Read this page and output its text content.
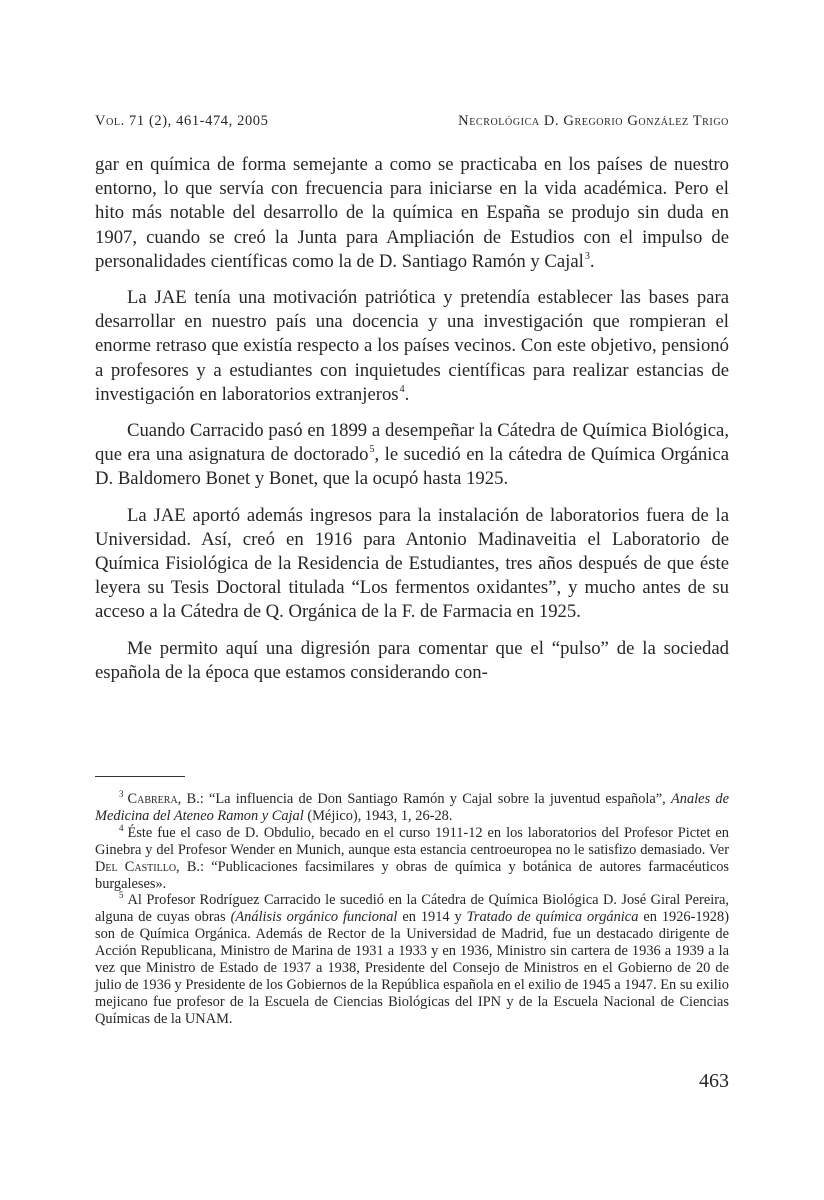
Vol. 71 (2), 461-474, 2005	Necrológica D. Gregorio González Trigo

gar en química de forma semejante a como se practicaba en los países de nuestro entorno, lo que servía con frecuencia para iniciarse en la vida académica. Pero el hito más notable del desarrollo de la química en España se produjo sin duda en 1907, cuando se creó la Junta para Ampliación de Estudios con el impulso de personalidades científicas como la de D. Santiago Ramón y Cajal$^3$.

La JAE tenía una motivación patriótica y pretendía establecer las bases para desarrollar en nuestro país una docencia y una investigación que rompieran el enorme retraso que existía respecto a los países vecinos. Con este objetivo, pensionó a profesores y a estudiantes con inquietudes científicas para realizar estancias de investigación en laboratorios extranjeros$^4$.

Cuando Carracido pasó en 1899 a desempeñar la Cátedra de Química Biológica, que era una asignatura de doctorado$^5$, le sucedió en la cátedra de Química Orgánica D. Baldomero Bonet y Bonet, que la ocupó hasta 1925.

La JAE aportó además ingresos para la instalación de laboratorios fuera de la Universidad. Así, creó en 1916 para Antonio Madinaveitia el Laboratorio de Química Fisiológica de la Residencia de Estudiantes, tres años después de que éste leyera su Tesis Doctoral titulada “Los fermentos oxidantes”, y mucho antes de su acceso a la Cátedra de Q. Orgánica de la F. de Farmacia en 1925.

Me permito aquí una digresión para comentar que el “pulso” de la sociedad española de la época que estamos considerando con-

$^3$ Cabrera, B.: “La influencia de Don Santiago Ramón y Cajal sobre la juventud española”, Anales de Medicina del Ateneo Ramon y Cajal (Méjico), 1943, 1, 26-28.

$^4$ Éste fue el caso de D. Obdulio, becado en el curso 1911-12 en los laboratorios del Profesor Pictet en Ginebra y del Profesor Wender en Munich, aunque esta estancia centroeuropea no le satisfizo demasiado. Ver Del Castillo, B.: “Publicaciones facsimilares y obras de química y botánica de autores farmacéuticos burgaleses».

$^5$ Al Profesor Rodríguez Carracido le sucedió en la Cátedra de Química Biológica D. José Giral Pereira, alguna de cuyas obras (Análisis orgánico funcional en 1914 y Tratado de química orgánica en 1926-1928) son de Química Orgánica. Además de Rector de la Universidad de Madrid, fue un destacado dirigente de Acción Republicana, Ministro de Marina de 1931 a 1933 y en 1936, Ministro sin cartera de 1936 a 1939 a la vez que Ministro de Estado de 1937 a 1938, Presidente del Consejo de Ministros en el Gobierno de 20 de julio de 1936 y Presidente de los Gobiernos de la República española en el exilio de 1945 a 1947. En su exilio mejicano fue profesor de la Escuela de Ciencias Biológicas del IPN y de la Escuela Nacional de Ciencias Químicas de la UNAM.

463
